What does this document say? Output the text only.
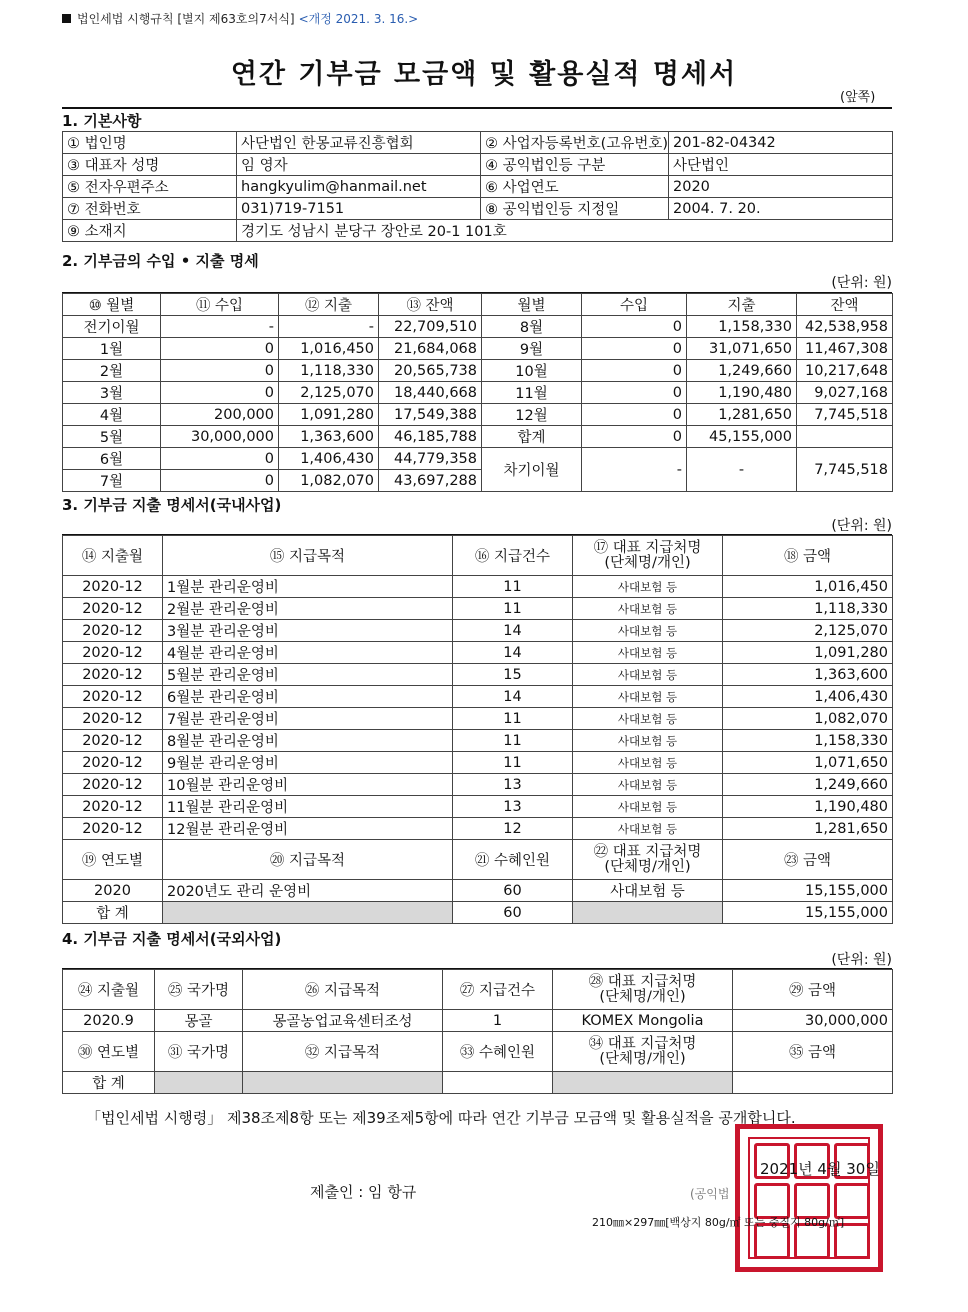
법인세법 시행규칙 [별지 제63호의7서식] <개정 2021. 3. 16.>
연간 기부금 모금액 및 활용실적 명세서
(앞쪽)
1. 기본사항
① 법인명	사단법인 한몽교류진흥협회	② 사업자등록번호(고유번호)	201-82-04342
③ 대표자 성명	임 영자	④ 공익법인등 구분	사단법인
⑤ 전자우편주소	hangkyulim@hanmail.net	⑥ 사업연도	2020
⑦ 전화번호	031)719-7151	⑧ 공익법인등 지정일	2004. 7. 20.
⑨ 소재지	경기도 성남시 분당구 장안로 20-1 101호		
2. 기부금의 수입 • 지출 명세
(단위: 원)
⑩ 월별	⑪ 수입	⑫ 지출	⑬ 잔액	월별	수입	지출	잔액
전기이월	-	-	22,709,510	8월	0	1,158,330	42,538,958
1월	0	1,016,450	21,684,068	9월	0	31,071,650	11,467,308
2월	0	1,118,330	20,565,738	10월	0	1,249,660	10,217,648
3월	0	2,125,070	18,440,668	11월	0	1,190,480	9,027,168
4월	200,000	1,091,280	17,549,388	12월	0	1,281,650	7,745,518
5월	30,000,000	1,363,600	46,185,788	합계	0	45,155,000	
6월	0	1,406,430	44,779,358	차기이월	-	-	7,745,518
7월	0	1,082,070	43,697,288				
3. 기부금 지출 명세서(국내사업)
(단위: 원)
⑭ 지출월	⑮ 지급목적	⑯ 지급건수	⑰ 대표 지급처명
(단체명/개인)	⑱ 금액
2020-12	1월분 관리운영비	11	사대보험 등	1,016,450
2020-12	2월분 관리운영비	11	사대보험 등	1,118,330
2020-12	3월분 관리운영비	14	사대보험 등	2,125,070
2020-12	4월분 관리운영비	14	사대보험 등	1,091,280
2020-12	5월분 관리운영비	15	사대보험 등	1,363,600
2020-12	6월분 관리운영비	14	사대보험 등	1,406,430
2020-12	7월분 관리운영비	11	사대보험 등	1,082,070
2020-12	8월분 관리운영비	11	사대보험 등	1,158,330
2020-12	9월분 관리운영비	11	사대보험 등	1,071,650
2020-12	10월분 관리운영비	13	사대보험 등	1,249,660
2020-12	11월분 관리운영비	13	사대보험 등	1,190,480
2020-12	12월분 관리운영비	12	사대보험 등	1,281,650
⑲ 연도별	⑳ 지급목적	㉑ 수혜인원	㉒ 대표 지급처명
(단체명/개인)	㉓ 금액
2020	2020년도 관리 운영비	60	사대보험 등	15,155,000
합 계		60		15,155,000
4. 기부금 지출 명세서(국외사업)
(단위: 원)
㉔ 지출월	㉕ 국가명	㉖ 지급목적	㉗ 지급건수	㉘ 대표 지급처명
(단체명/개인)	㉙ 금액
2020.9	몽골	몽골농업교육센터조성	1	KOMEX Mongolia	30,000,000
㉚ 연도별	㉛ 국가명	㉜ 지급목적	㉝ 수혜인원	㉞ 대표 지급처명
(단체명/개인)	㉟ 금액
합 계					
「법인세법 시행령」 제38조제8항 또는 제39조제5항에 따라 연간 기부금 모금액 및 활용실적을 공개합니다.
2021년 4월 30일
제출인 : 임 항규	(공익법
210㎜×297㎜[백상지 80g/㎡ 또는 중질지 80g/㎡]
